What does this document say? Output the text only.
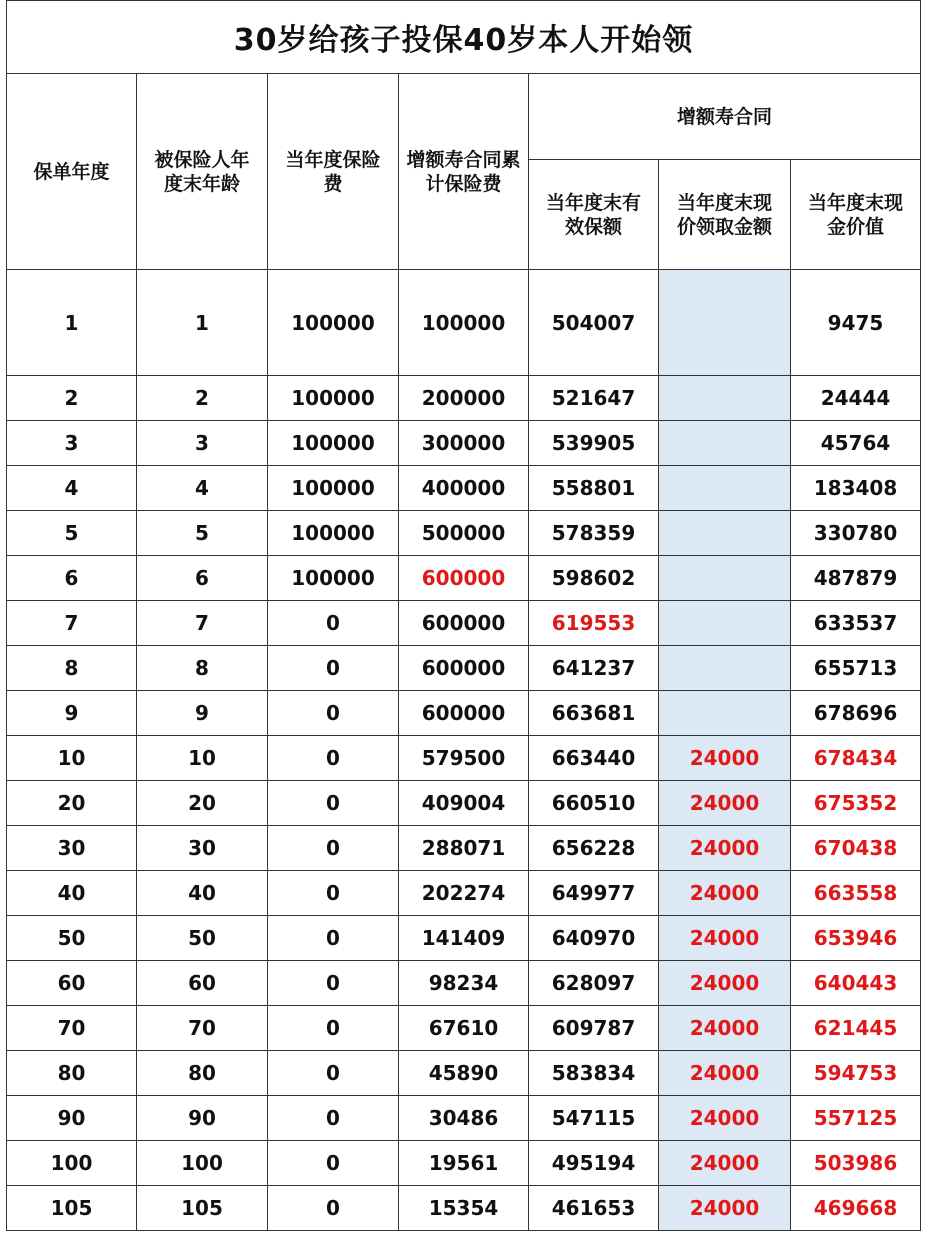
30岁给孩子投保40岁本人开始领						
保单年度	被保险人年度末年龄	当年度保险费	增额寿合同累计保险费	增额寿合同		

				当年度末有效保额	当年度末现价领取金额	当年度末现金价值

1	1	100000	100000	504007		9475
2	2	100000	200000	521647		24444
3	3	100000	300000	539905		45764
4	4	100000	400000	558801		183408
5	5	100000	500000	578359		330780
6	6	100000	600000	598602		487879
7	7	0	600000	619553		633537
8	8	0	600000	641237		655713
9	9	0	600000	663681		678696
10	10	0	579500	663440	24000	678434
20	20	0	409004	660510	24000	675352
30	30	0	288071	656228	24000	670438
40	40	0	202274	649977	24000	663558
50	50	0	141409	640970	24000	653946
60	60	0	98234	628097	24000	640443
70	70	0	67610	609787	24000	621445
80	80	0	45890	583834	24000	594753
90	90	0	30486	547115	24000	557125
100	100	0	19561	495194	24000	503986
105	105	0	15354	461653	24000	469668
